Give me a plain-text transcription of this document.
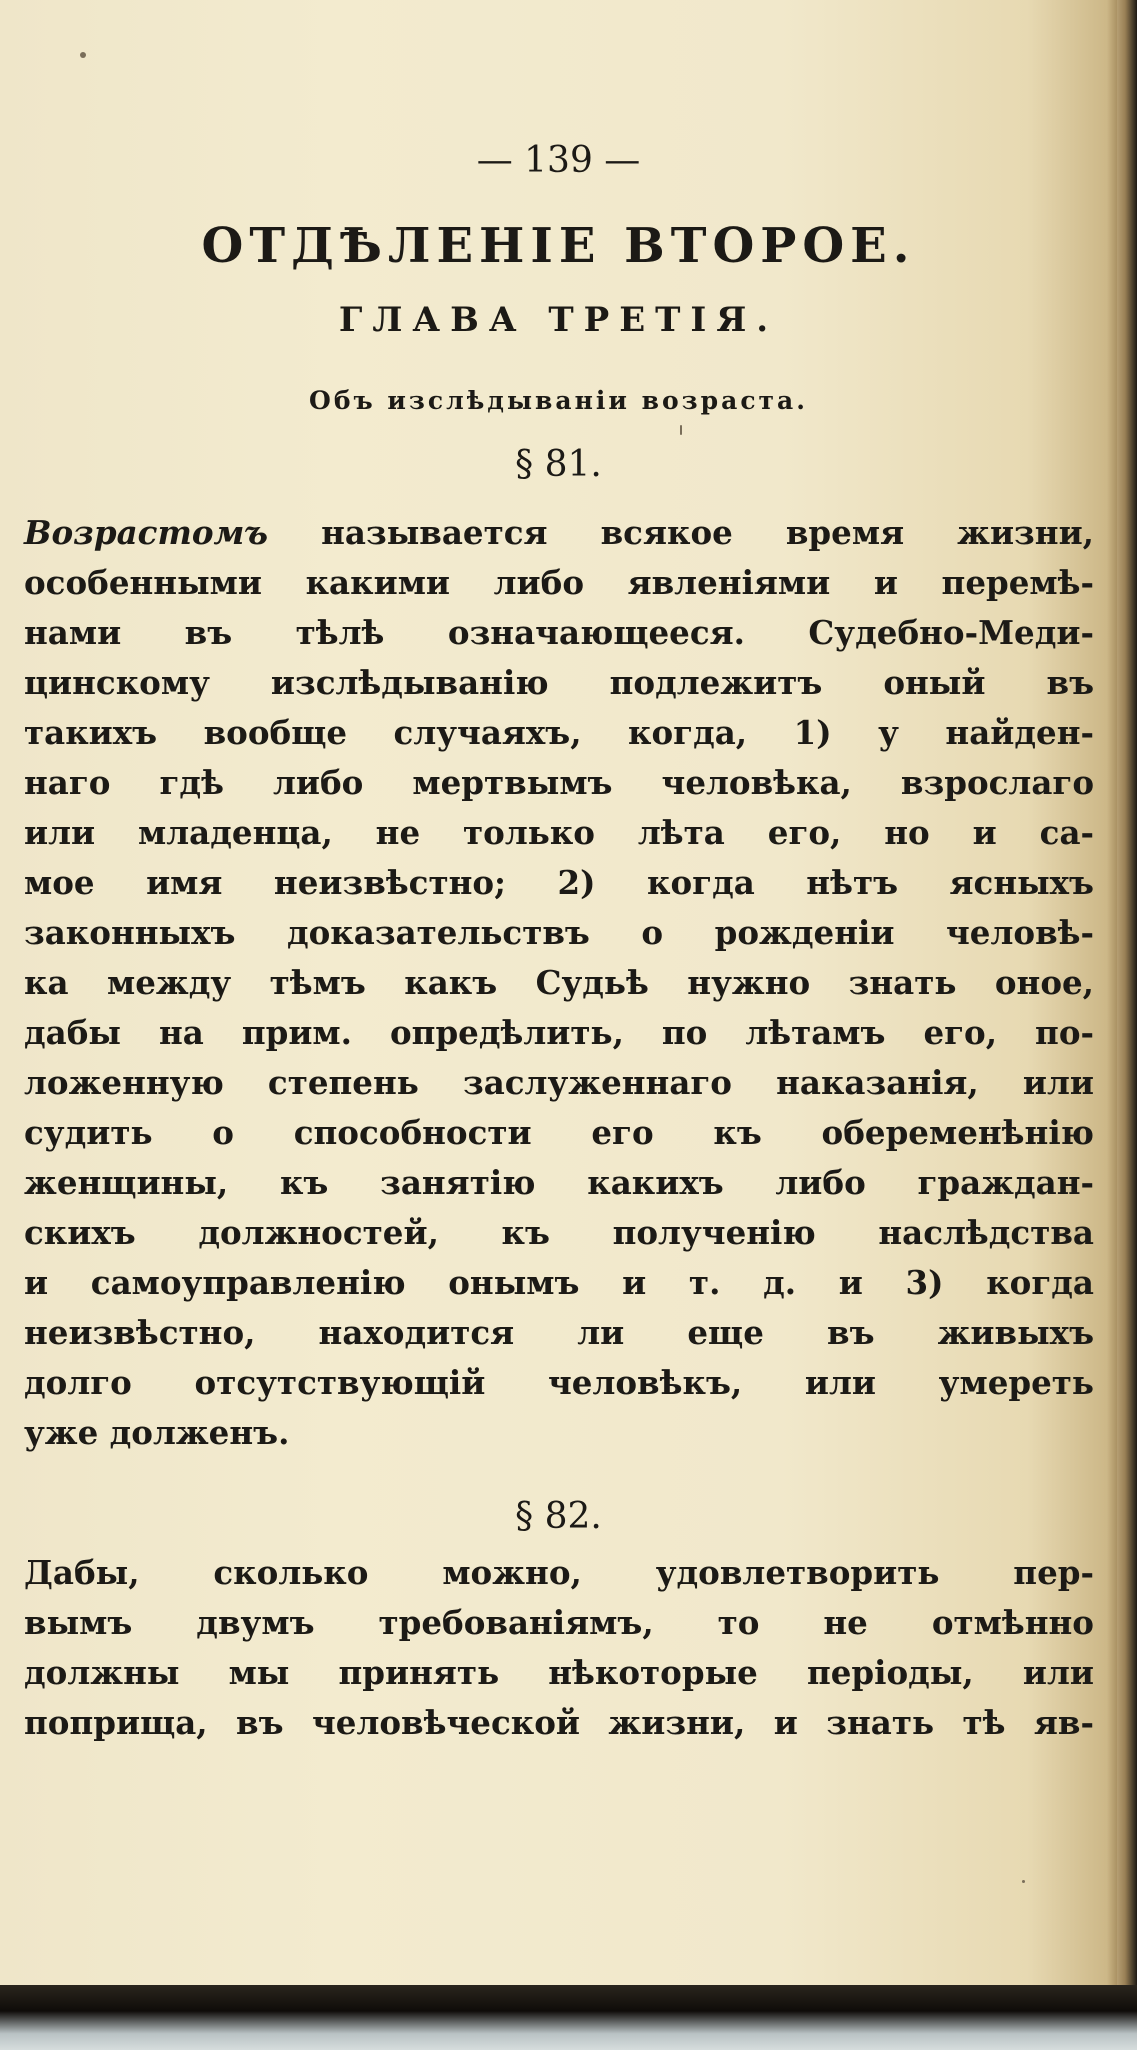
— 139 —
ОТДѢЛЕНІЕ ВТОРОЕ.
ГЛАВА ТРЕТІЯ.
Объ изслѣдываніи возраста.
§ 81.
Возрастомъ называется всякое время жизни,
особенными какими либо явленіями и перемѣ-
нами въ тѣлѣ означающееся. Судебно-Меди-
цинскому изслѣдыванію подлежитъ оный въ
такихъ вообще случаяхъ, когда, 1) у найден-
наго гдѣ либо мертвымъ человѣка, взрослаго
или младенца, не только лѣта его, но и са-
мое имя неизвѣстно; 2) когда нѣтъ ясныхъ
законныхъ доказательствъ о рожденіи человѣ-
ка между тѣмъ какъ Судьѣ нужно знать оное,
дабы на прим. опредѣлить, по лѣтамъ его, по-
ложенную степень заслуженнаго наказанія, или
судить о способности его къ обеременѣнію
женщины, къ занятію какихъ либо граждан-
скихъ должностей, къ полученію наслѣдства
и самоуправленію онымъ и т. д. и 3) когда
неизвѣстно, находится ли еще въ живыхъ
долго отсутствующій человѣкъ, или умереть
уже долженъ.
§ 82.
Дабы, сколько можно, удовлетворить пер-
вымъ двумъ требованіямъ, то не отмѣнно
должны мы принять нѣкоторые періоды, или
поприща, въ человѣческой жизни, и знать тѣ яв-
